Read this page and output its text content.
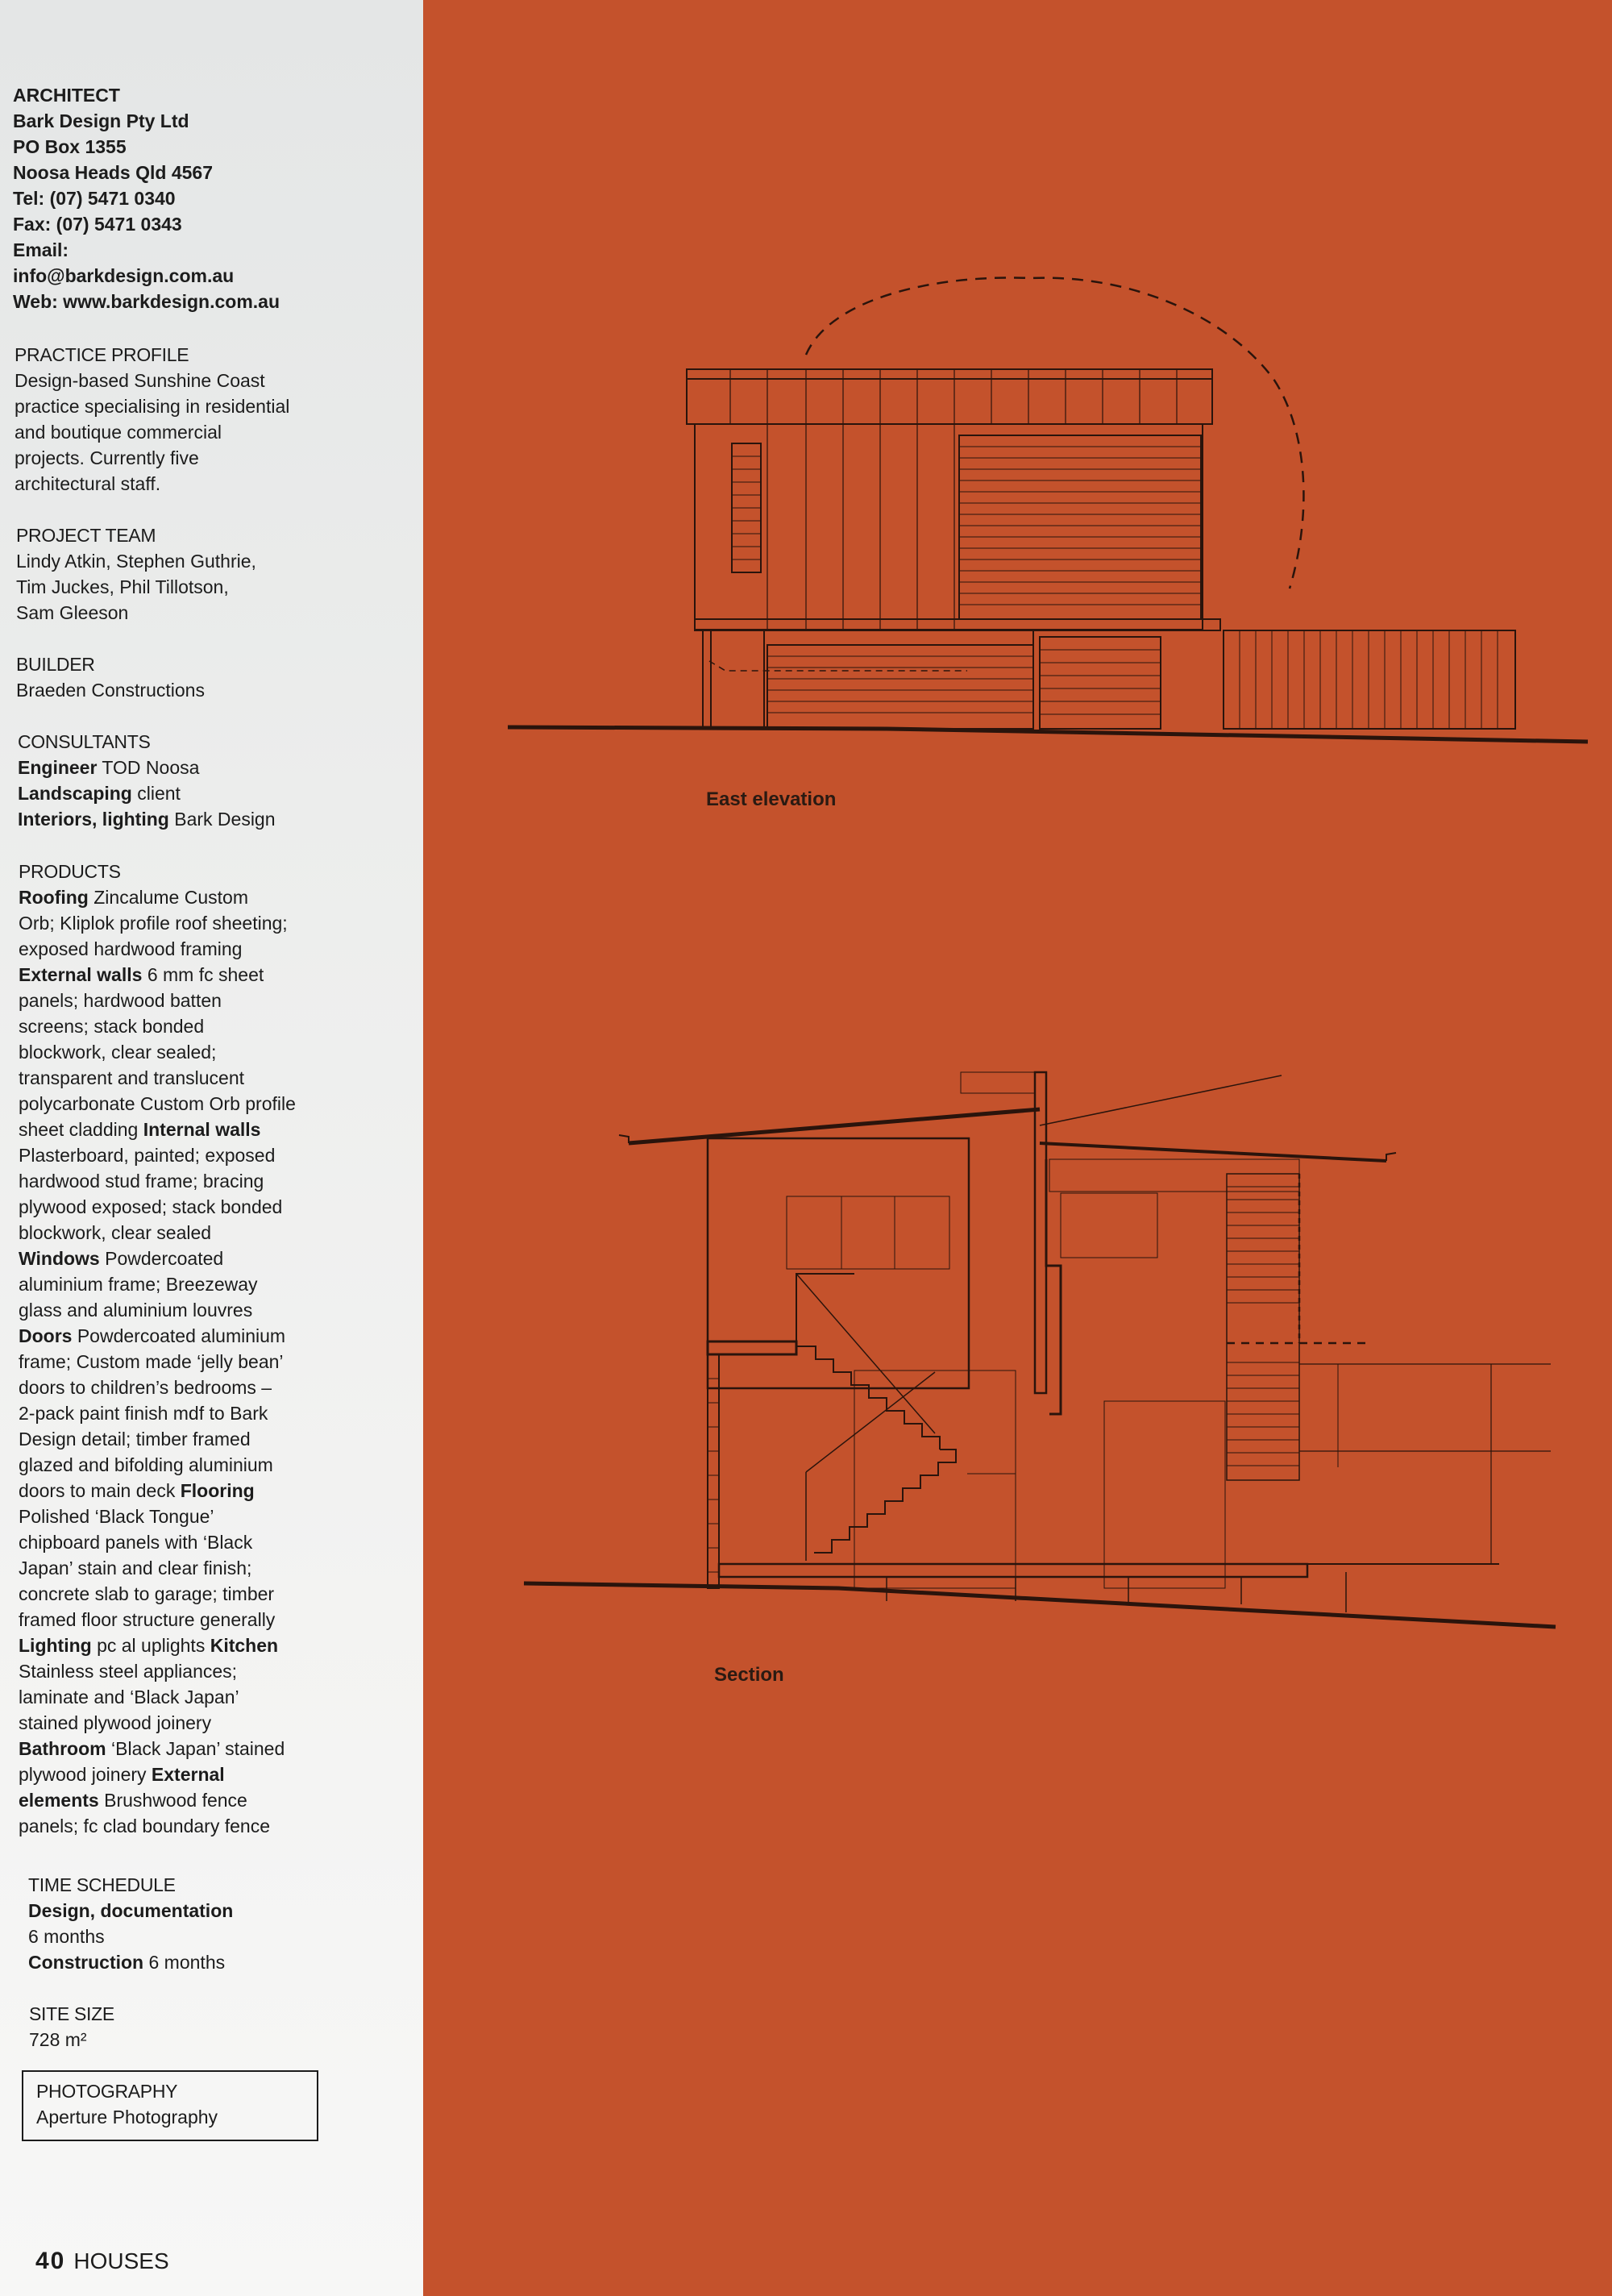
ARCHITECT
Bark Design Pty Ltd
PO Box 1355
Noosa Heads Qld 4567
Tel: (07) 5471 0340
Fax: (07) 5471 0343
Email:
info@barkdesign.com.au
Web: www.barkdesign.com.au
PRACTICE PROFILE
Design-based Sunshine Coast
practice specialising in residential
and boutique commercial
projects. Currently five
architectural staff.
PROJECT TEAM
Lindy Atkin, Stephen Guthrie,
Tim Juckes, Phil Tillotson,
Sam Gleeson
BUILDER
Braeden Constructions
CONSULTANTS
Engineer TOD Noosa
Landscaping client
Interiors, lighting Bark Design
PRODUCTS
Roofing Zincalume Custom
Orb; Kliplok profile roof sheeting;
exposed hardwood framing
External walls 6 mm fc sheet
panels; hardwood batten
screens; stack bonded
blockwork, clear sealed;
transparent and translucent
polycarbonate Custom Orb profile
sheet cladding Internal walls
Plasterboard, painted; exposed
hardwood stud frame; bracing
plywood exposed; stack bonded
blockwork, clear sealed
Windows Powdercoated
aluminium frame; Breezeway
glass and aluminium louvres
Doors Powdercoated aluminium
frame; Custom made ‘jelly bean’
doors to children’s bedrooms –
2-pack paint finish mdf to Bark
Design detail; timber framed
glazed and bifolding aluminium
doors to main deck Flooring
Polished ‘Black Tongue’
chipboard panels with ‘Black
Japan’ stain and clear finish;
concrete slab to garage; timber
framed floor structure generally
Lighting pc al uplights Kitchen
Stainless steel appliances;
laminate and ‘Black Japan’
stained plywood joinery
Bathroom ‘Black Japan’ stained
plywood joinery External
elements Brushwood fence
panels; fc clad boundary fence
TIME SCHEDULE
Design, documentation
6 months
Construction 6 months
SITE SIZE
728 m²
PHOTOGRAPHY
Aperture Photography
40 HOUSES
East elevation
Section
